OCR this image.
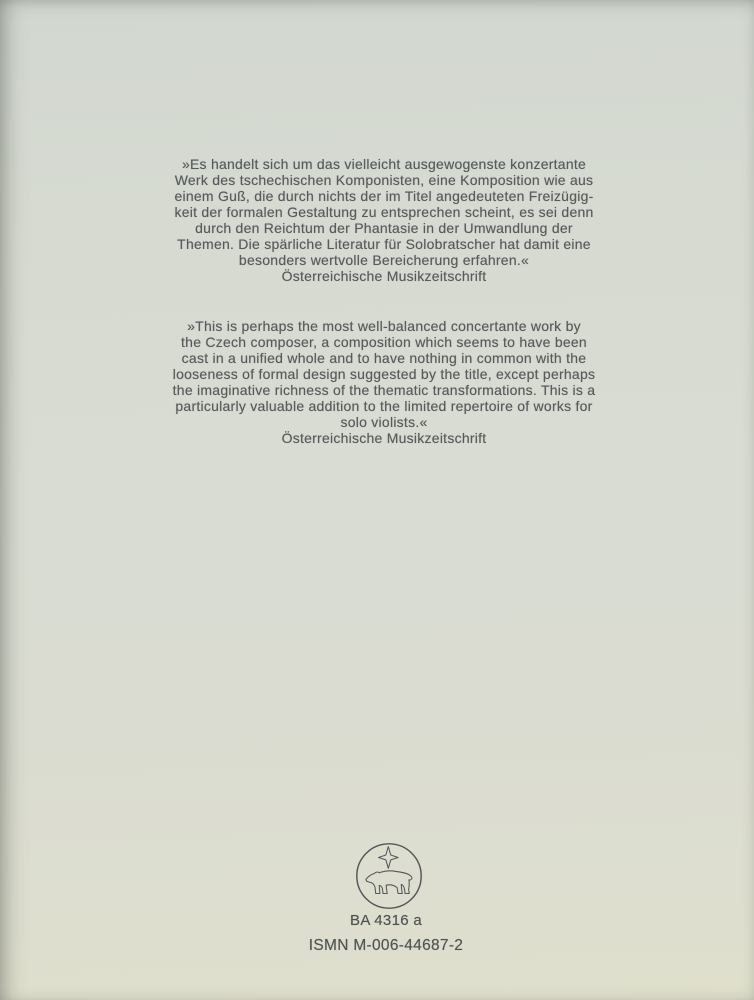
»Es handelt sich um das vielleicht ausgewogenste konzertante
Werk des tschechischen Komponisten, eine Komposition wie aus
einem Guß, die durch nichts der im Titel angedeuteten Freizügig-
keit der formalen Gestaltung zu entsprechen scheint, es sei denn
durch den Reichtum der Phantasie in der Umwandlung der
Themen. Die spärliche Literatur für Solobratscher hat damit eine
besonders wertvolle Bereicherung erfahren.«
Österreichische Musikzeitschrift
»This is perhaps the most well-balanced concertante work by
the Czech composer, a composition which seems to have been
cast in a unified whole and to have nothing in common with the
looseness of formal design suggested by the title, except perhaps
the imaginative richness of the thematic transformations. This is a
particularly valuable addition to the limited repertoire of works for
solo violists.«
Österreichische Musikzeitschrift
BA 4316 a
ISMN M-006-44687-2
